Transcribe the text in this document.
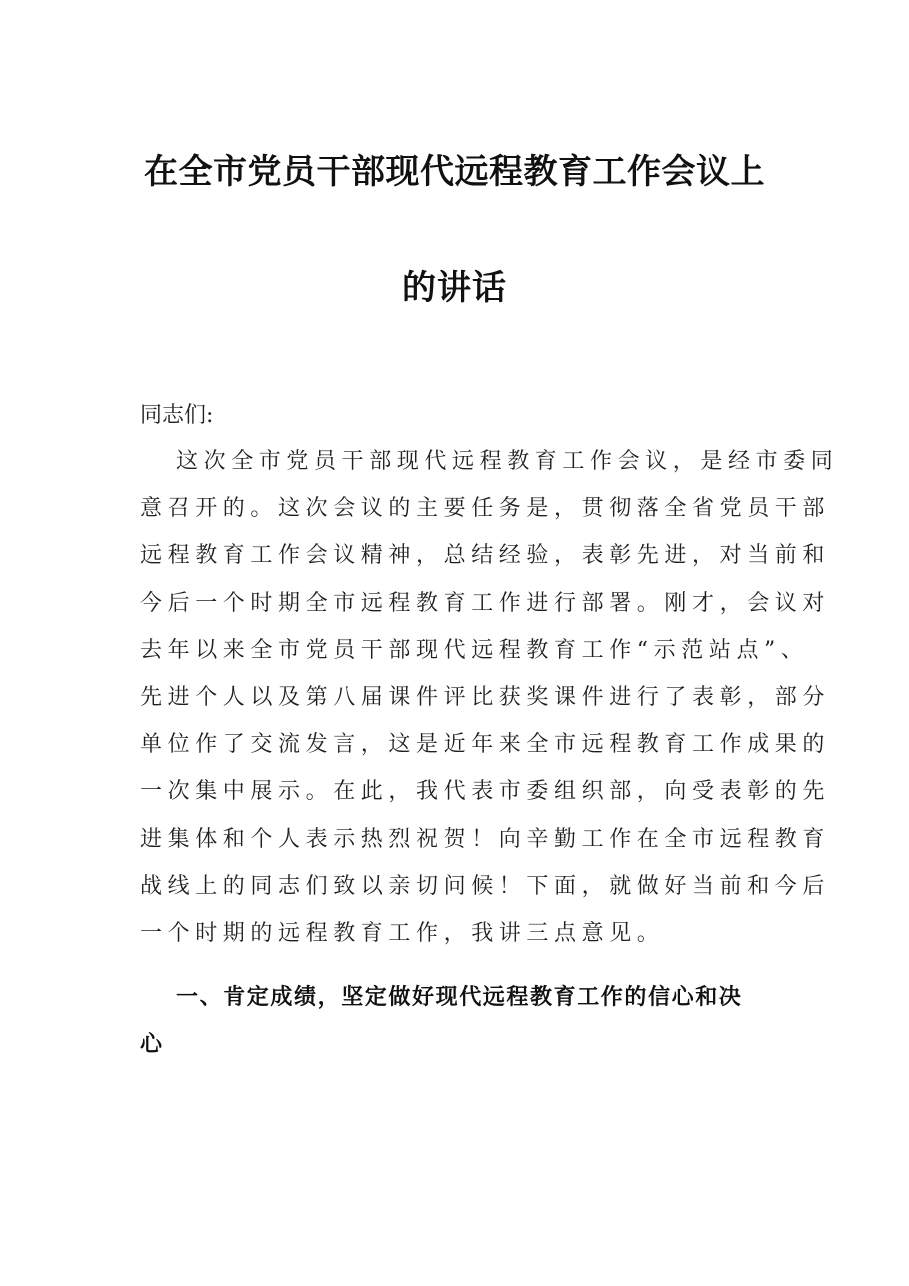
在全市党员干部现代远程教育工作会议上
的讲话
同志们:
这次全市党员干部现代远程教育工作会议，是经市委同
意召开的。这次会议的主要任务是，贯彻落全省党员干部
远程教育工作会议精神，总结经验，表彰先进，对当前和
今后一个时期全市远程教育工作进行部署。刚才，会议对
去年以来全市党员干部现代远程教育工作“示范站点”、
先进个人以及第八届课件评比获奖课件进行了表彰，部分
单位作了交流发言，这是近年来全市远程教育工作成果的
一次集中展示。在此，我代表市委组织部，向受表彰的先
进集体和个人表示热烈祝贺！向辛勤工作在全市远程教育
战线上的同志们致以亲切问候！下面，就做好当前和今后
一个时期的远程教育工作，我讲三点意见。
一、肯定成绩，坚定做好现代远程教育工作的信心和决
心
